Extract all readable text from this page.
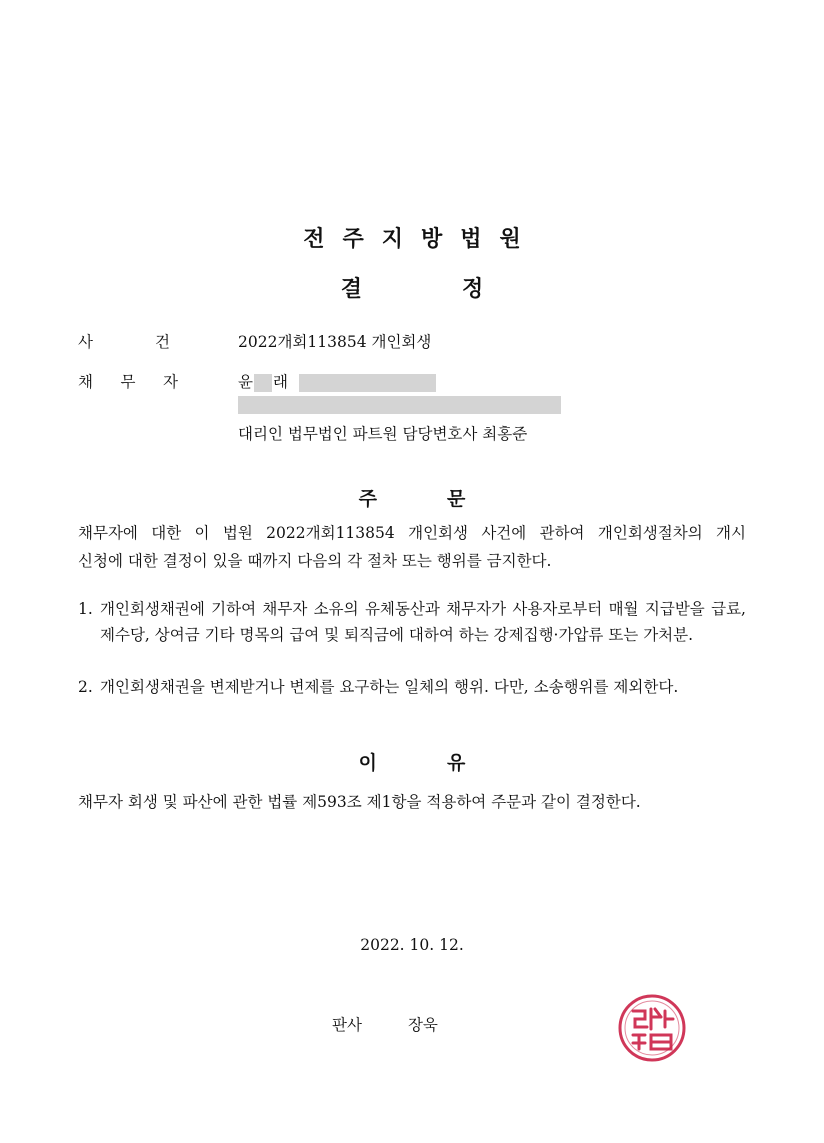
전주지방법원
결	정
사	건	2022개회113854 개인회생
채 무 자	윤 래
대리인 법무법인 파트원 담당변호사 최홍준
주	문
채무자에 대한 이 법원 2022개회113854 개인회생 사건에 관하여 개인회생절차의 개시
신청에 대한 결정이 있을 때까지 다음의 각 절차 또는 행위를 금지한다.
1. 개인회생채권에 기하여 채무자 소유의 유체동산과 채무자가 사용자로부터 매월 지급받을 급료, 제수당, 상여금 기타 명목의 급여 및 퇴직금에 대하여 하는 강제집행·가압류 또는 가처분.
2. 개인회생채권을 변제받거나 변제를 요구하는 일체의 행위. 다만, 소송행위를 제외한다.
이	유
채무자 회생 및 파산에 관한 법률 제593조 제1항을 적용하여 주문과 같이 결정한다.
2022. 10. 12.
판사	장욱
